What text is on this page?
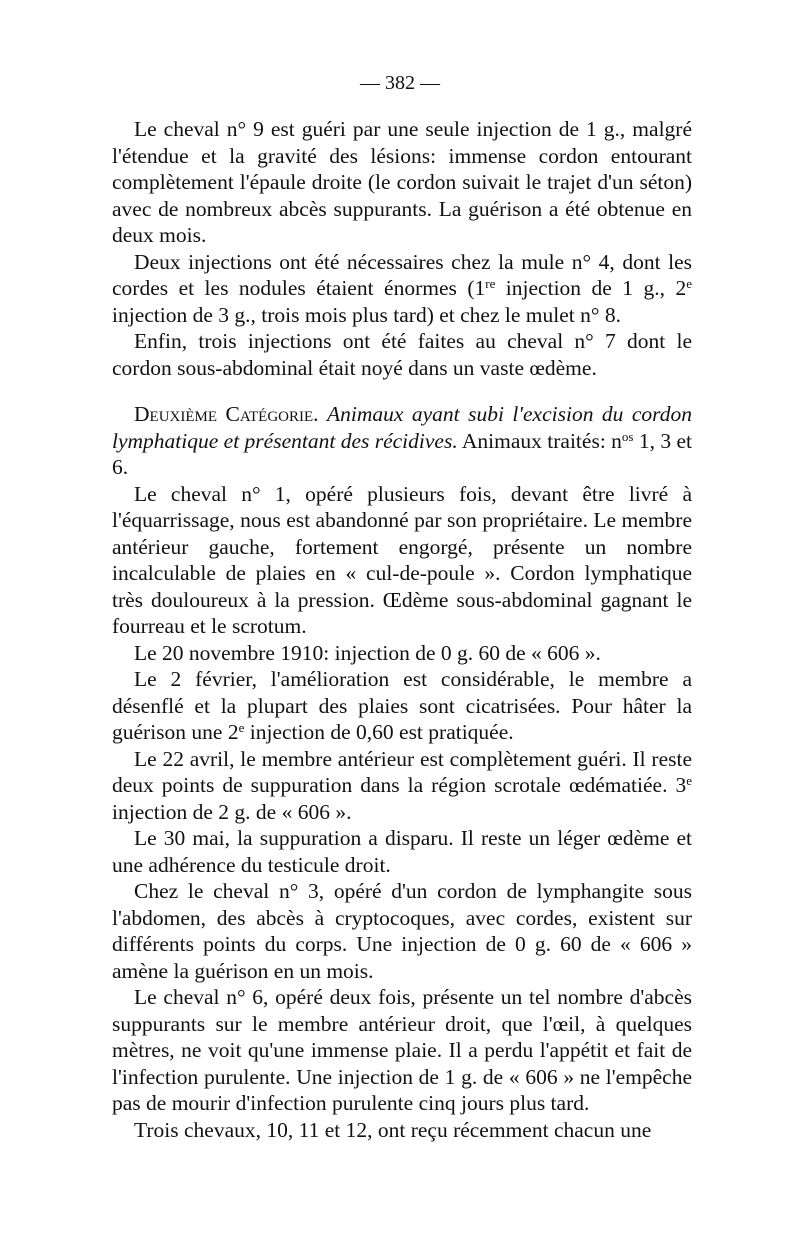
— 382 —

Le cheval n° 9 est guéri par une seule injection de 1 g., malgré l'étendue et la gravité des lésions: immense cordon entourant complètement l'épaule droite (le cordon suivait le trajet d'un séton) avec de nombreux abcès suppurants. La guérison a été obtenue en deux mois.

Deux injections ont été nécessaires chez la mule n° 4, dont les cordes et les nodules étaient énormes (1re injection de 1 g., 2e injection de 3 g., trois mois plus tard) et chez le mulet n° 8.

Enfin, trois injections ont été faites au cheval n° 7 dont le cordon sous-abdominal était noyé dans un vaste œdème.

Deuxième Catégorie. Animaux ayant subi l'excision du cordon lymphatique et présentant des récidives. Animaux traités: $n^{os}$ 1, 3 et 6.

Le cheval n° 1, opéré plusieurs fois, devant être livré à l'équarrissage, nous est abandonné par son propriétaire. Le membre antérieur gauche, fortement engorgé, présente un nombre incalculable de plaies en « cul-de-poule ». Cordon lymphatique très douloureux à la pression. Œdème sous-abdominal gagnant le fourreau et le scrotum.

Le 20 novembre 1910: injection de 0 g. 60 de « 606 ».

Le 2 février, l'amélioration est considérable, le membre a désenflé et la plupart des plaies sont cicatrisées. Pour hâter la guérison une 2e injection de 0,60 est pratiquée.

Le 22 avril, le membre antérieur est complètement guéri. Il reste deux points de suppuration dans la région scrotale œdématiée. 3e injection de 2 g. de « 606 ».

Le 30 mai, la suppuration a disparu. Il reste un léger œdème et une adhérence du testicule droit.

Chez le cheval n° 3, opéré d'un cordon de lymphangite sous l'abdomen, des abcès à cryptocoques, avec cordes, existent sur différents points du corps. Une injection de 0 g. 60 de « 606 » amène la guérison en un mois.

Le cheval n° 6, opéré deux fois, présente un tel nombre d'abcès suppurants sur le membre antérieur droit, que l'œil, à quelques mètres, ne voit qu'une immense plaie. Il a perdu l'appétit et fait de l'infection purulente. Une injection de 1 g. de « 606 » ne l'empêche pas de mourir d'infection purulente cinq jours plus tard.

Trois chevaux, 10, 11 et 12, ont reçu récemment chacun une
